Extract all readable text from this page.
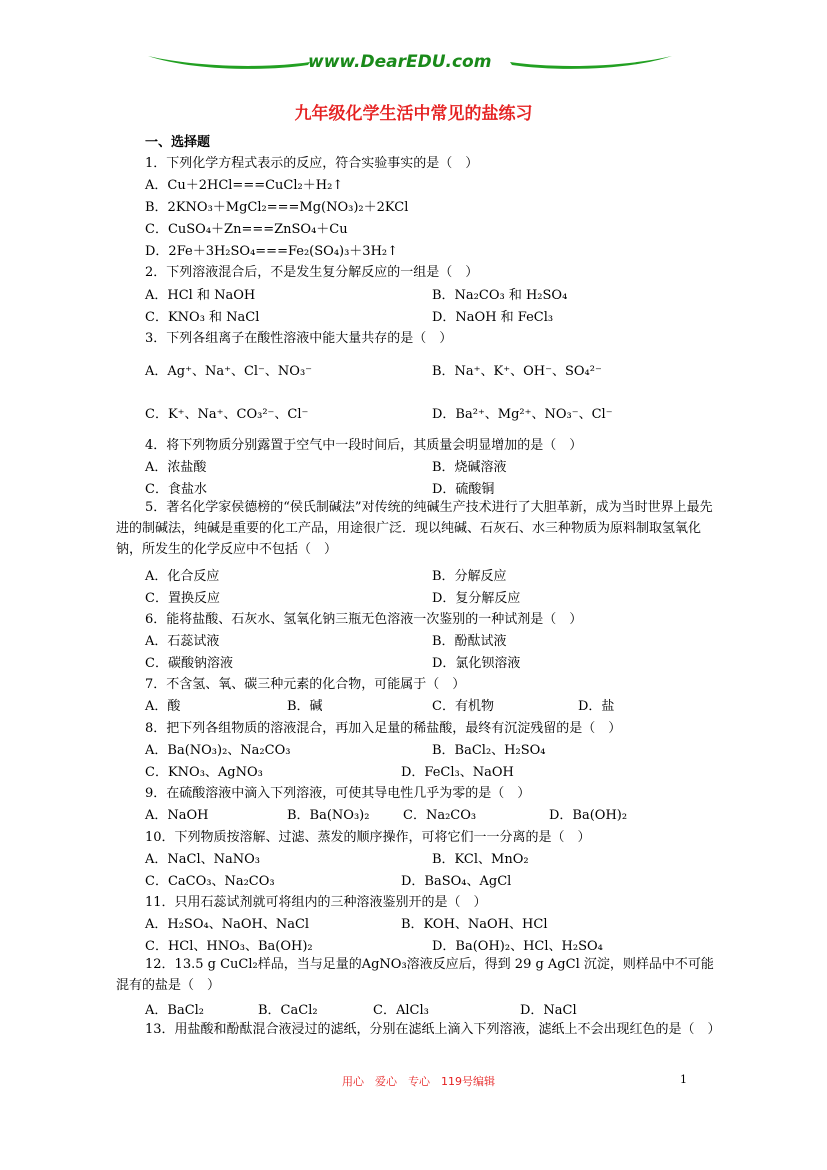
www.DearEDU.com
九年级化学生活中常见的盐练习
一、选择题
1．下列化学方程式表示的反应，符合实验事实的是（　）
A．Cu＋2HCl===CuCl₂＋H₂↑
B．2KNO₃＋MgCl₂===Mg(NO₃)₂＋2KCl
C．CuSO₄＋Zn===ZnSO₄＋Cu
D．2Fe＋3H₂SO₄===Fe₂(SO₄)₃＋3H₂↑
2．下列溶液混合后，不是发生复分解反应的一组是（　）
A．HCl 和 NaOH	B．Na₂CO₃ 和 H₂SO₄
C．KNO₃ 和 NaCl	D．NaOH 和 FeCl₃
3．下列各组离子在酸性溶液中能大量共存的是（　）
A．Ag⁺、Na⁺、Cl⁻、NO₃⁻	B．Na⁺、K⁺、OH⁻、SO₄²⁻
C．K⁺、Na⁺、CO₃²⁻、Cl⁻	D．Ba²⁺、Mg²⁺、NO₃⁻、Cl⁻
4．将下列物质分别露置于空气中一段时间后，其质量会明显增加的是（　）
A．浓盐酸	B．烧碱溶液
C．食盐水	D．硫酸铜
5．著名化学家侯德榜的“侯氏制碱法”对传统的纯碱生产技术进行了大胆革新，成为当时世界上最先进的制碱法，纯碱是重要的化工产品，用途很广泛．现以纯碱、石灰石、水三种物质为原料制取氢氧化钠，所发生的化学反应中不包括（　）
A．化合反应	B．分解反应
C．置换反应	D．复分解反应
6．能将盐酸、石灰水、氢氧化钠三瓶无色溶液一次鉴别的一种试剂是（　）
A．石蕊试液	B．酚酞试液
C．碳酸钠溶液	D．氯化钡溶液
7．不含氢、氧、碳三种元素的化合物，可能属于（　）
A．酸	B．碱	C．有机物	D．盐
8．把下列各组物质的溶液混合，再加入足量的稀盐酸，最终有沉淀残留的是（　）
A．Ba(NO₃)₂、Na₂CO₃	B．BaCl₂、H₂SO₄
C．KNO₃、AgNO₃	D．FeCl₃、NaOH
9．在硫酸溶液中滴入下列溶液，可使其导电性几乎为零的是（　）
A．NaOH	B．Ba(NO₃)₂	C．Na₂CO₃	D．Ba(OH)₂
10．下列物质按溶解、过滤、蒸发的顺序操作，可将它们一一分离的是（　）
A．NaCl、NaNO₃	B．KCl、MnO₂
C．CaCO₃、Na₂CO₃	D．BaSO₄、AgCl
11．只用石蕊试剂就可将组内的三种溶液鉴别开的是（　）
A．H₂SO₄、NaOH、NaCl	B．KOH、NaOH、HCl
C．HCl、HNO₃、Ba(OH)₂	D．Ba(OH)₂、HCl、H₂SO₄
12．13.5 g CuCl₂样品，当与足量的AgNO₃溶液反应后，得到 29 g AgCl 沉淀，则样品中不可能混有的盐是（　）
A．BaCl₂	B．CaCl₂	C．AlCl₃	D．NaCl
13．用盐酸和酚酞混合液浸过的滤纸，分别在滤纸上滴入下列溶液，滤纸上不会出现红色的是（　）
用心　爱心　专心　119号编辑	1
